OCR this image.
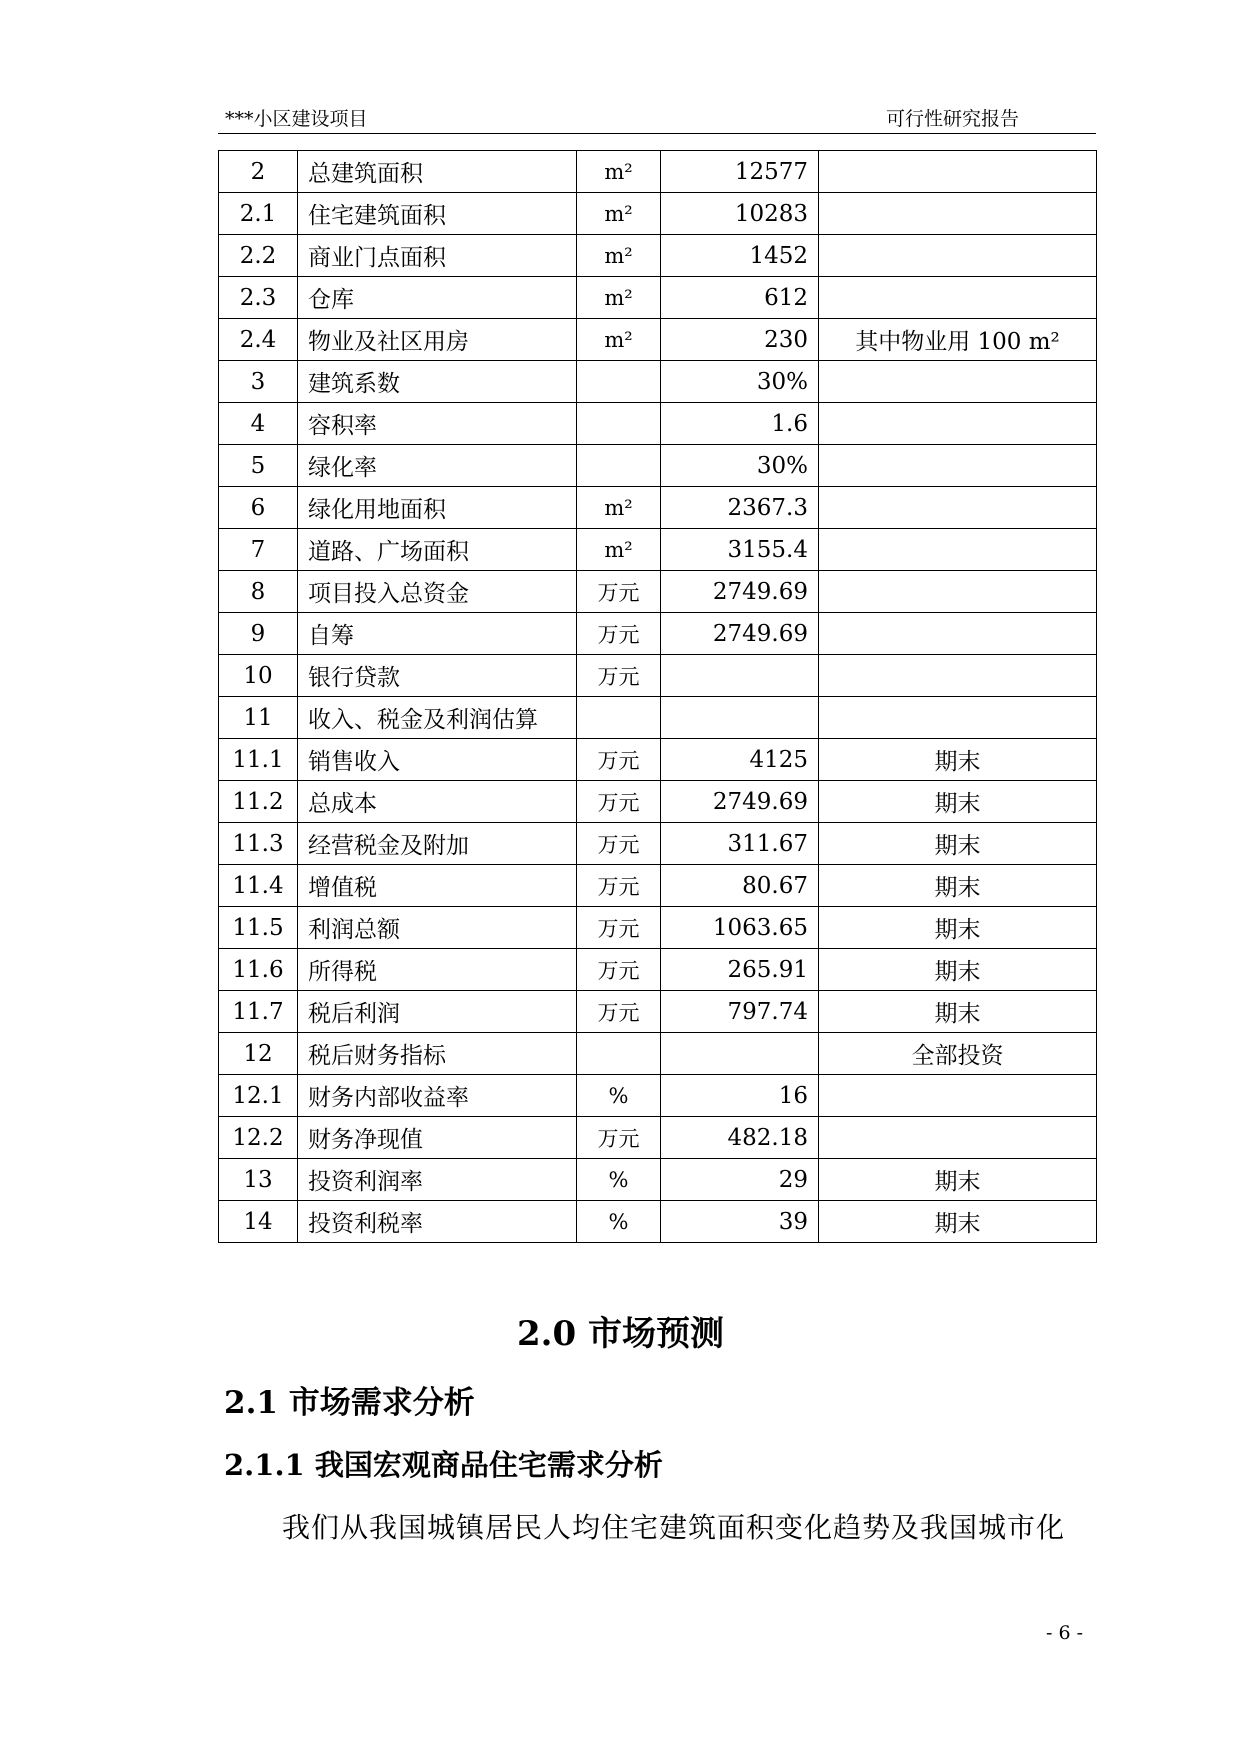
***小区建设项目	可行性研究报告
2	总建筑面积	m²	12577	
2.1	住宅建筑面积	m²	10283	
2.2	商业门点面积	m²	1452	
2.3	仓库	m²	612	
2.4	物业及社区用房	m²	230	其中物业用 100 m²
3	建筑系数		30%	
4	容积率		1.6	
5	绿化率		30%	
6	绿化用地面积	m²	2367.3	
7	道路、广场面积	m²	3155.4	
8	项目投入总资金	万元	2749.69	
9	自筹	万元	2749.69	
10	银行贷款	万元		
11	收入、税金及利润估算			
11.1	销售收入	万元	4125	期末
11.2	总成本	万元	2749.69	期末
11.3	经营税金及附加	万元	311.67	期末
11.4	增值税	万元	80.67	期末
11.5	利润总额	万元	1063.65	期末
11.6	所得税	万元	265.91	期末
11.7	税后利润	万元	797.74	期末
12	税后财务指标			全部投资
12.1	财务内部收益率	%	16	
12.2	财务净现值	万元	482.18	
13	投资利润率	%	29	期末
14	投资利税率	%	39	期末
2.0 市场预测
2.1 市场需求分析
2.1.1 我国宏观商品住宅需求分析
我们从我国城镇居民人均住宅建筑面积变化趋势及我国城市化
- 6 -
